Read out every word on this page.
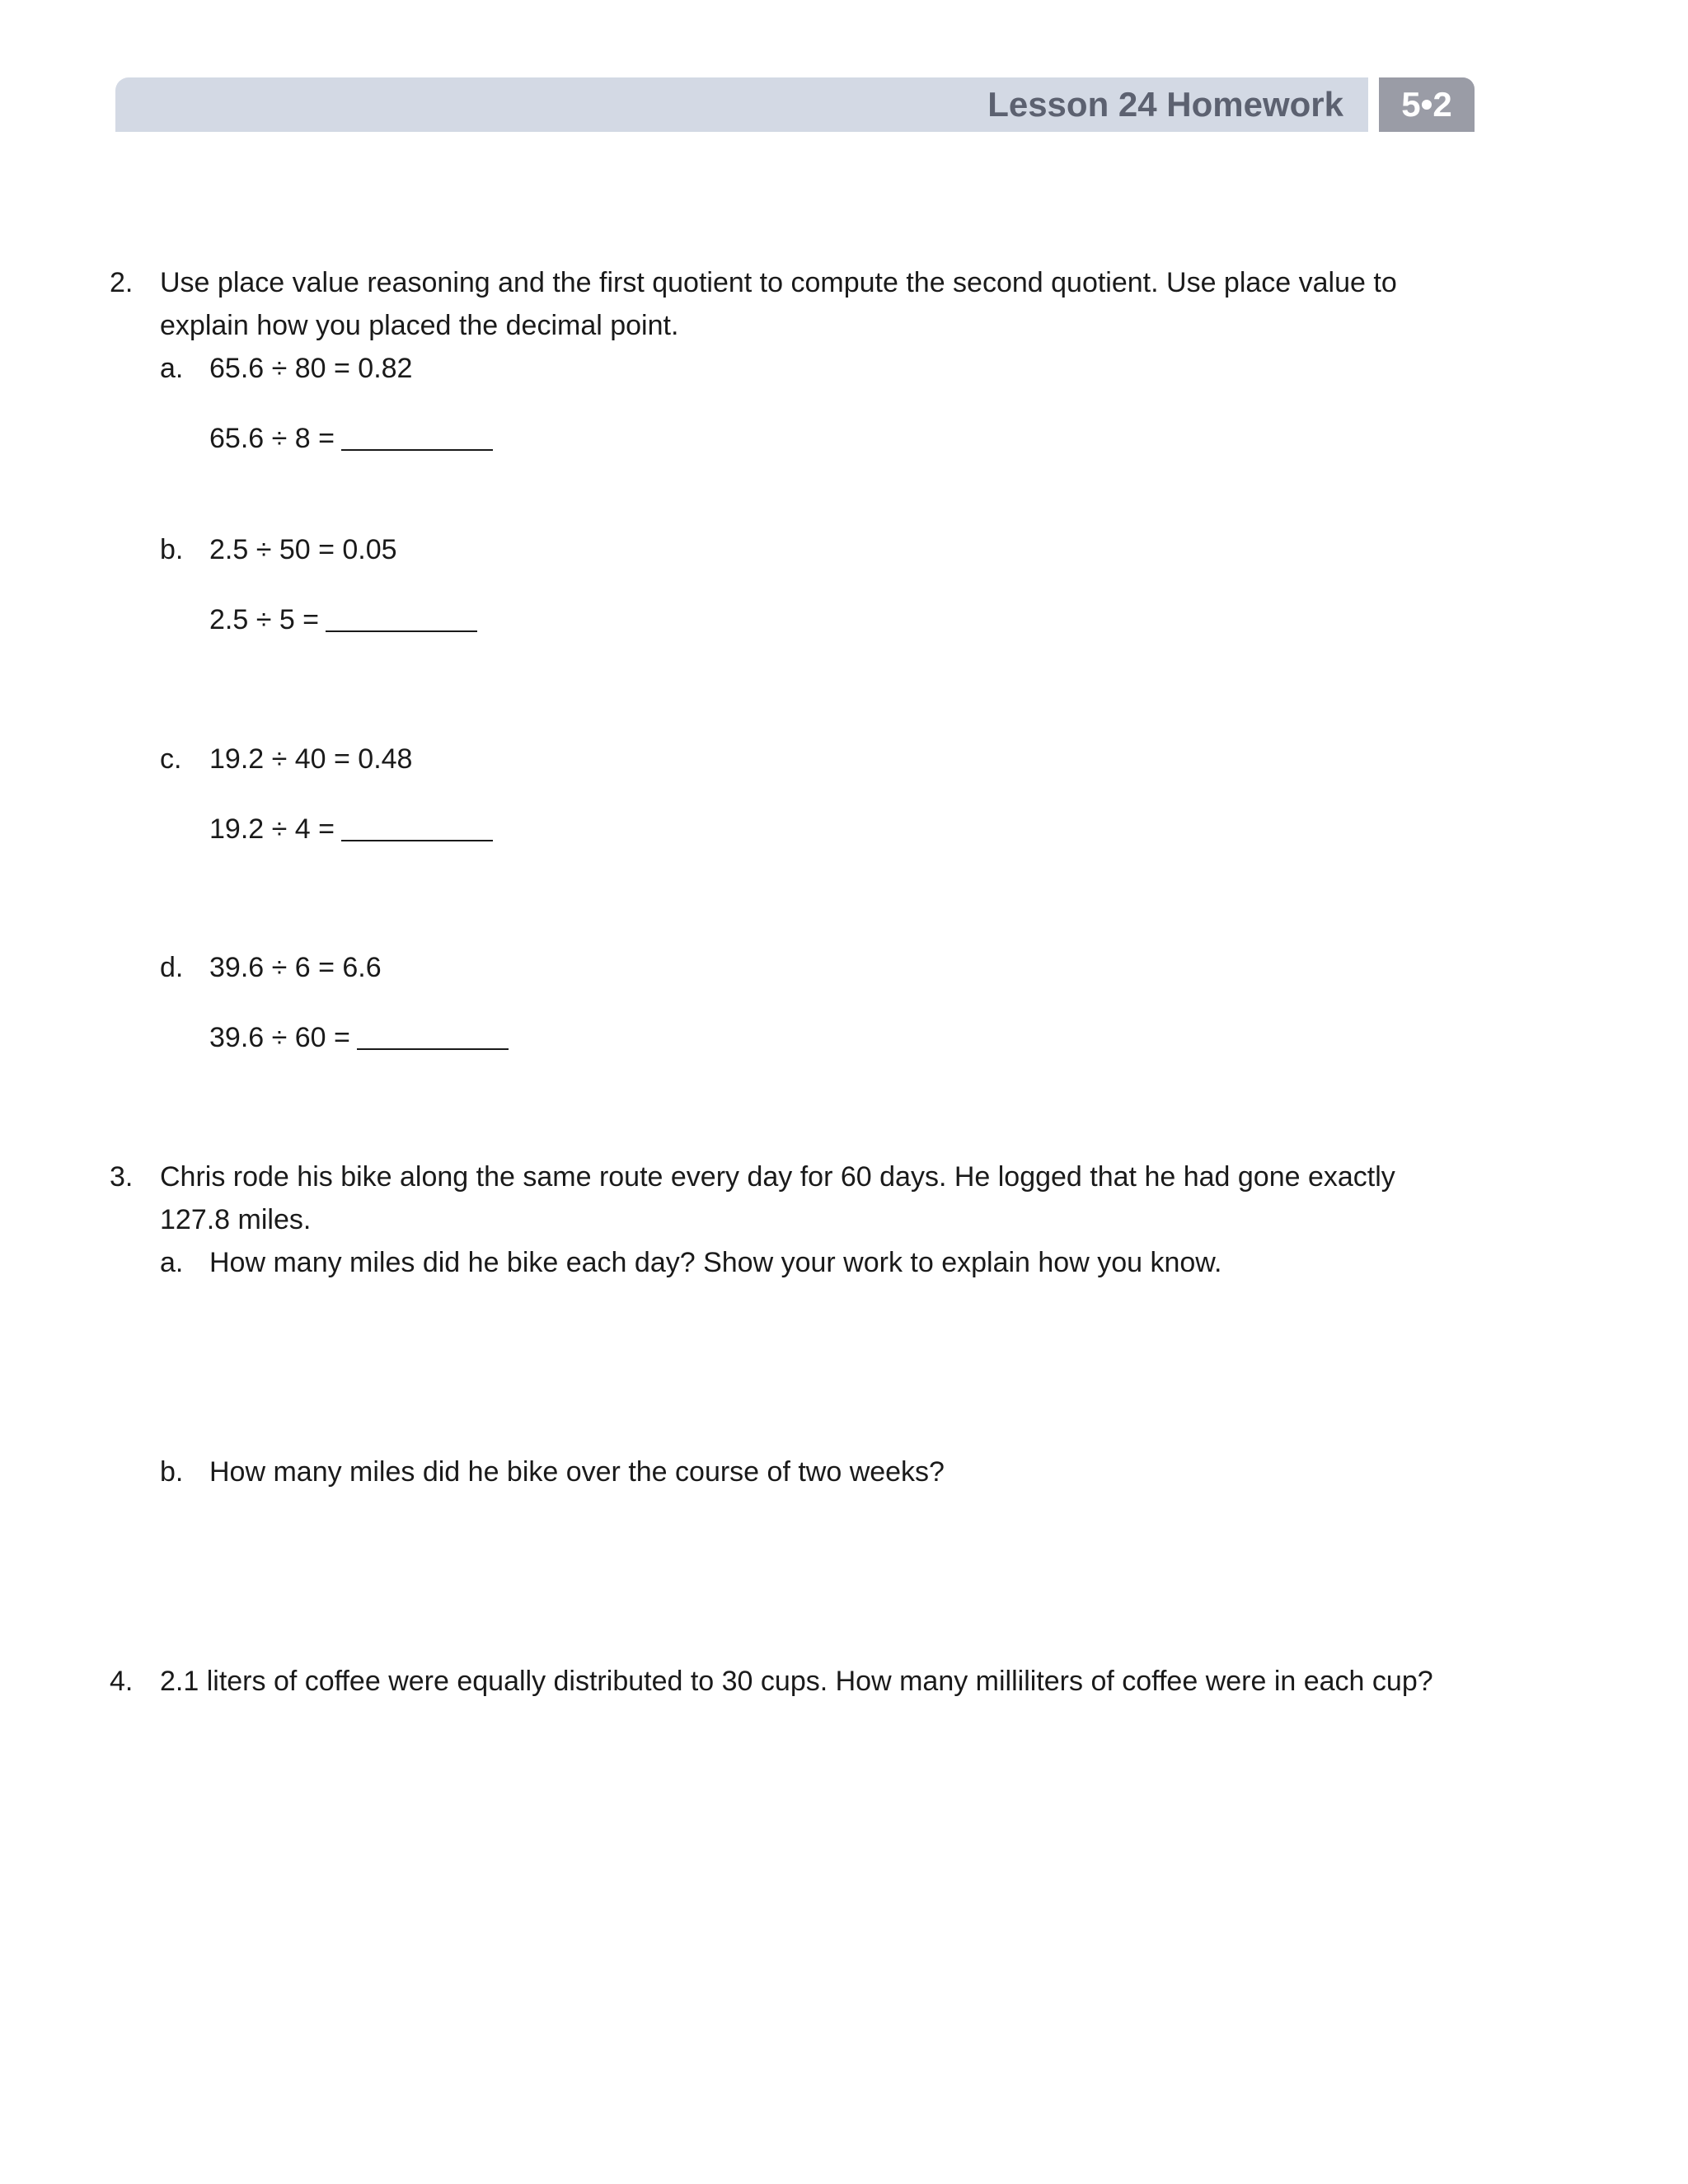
Lesson 24 Homework	5•2
2. Use place value reasoning and the first quotient to compute the second quotient. Use place value to
explain how you placed the decimal point.
a. 65.6 ÷ 80 = 0.82
65.6 ÷ 8 =
b. 2.5 ÷ 50 = 0.05
2.5 ÷ 5 =
c. 19.2 ÷ 40 = 0.48
19.2 ÷ 4 =
d. 39.6 ÷ 6 = 6.6
39.6 ÷ 60 =
3. Chris rode his bike along the same route every day for 60 days. He logged that he had gone exactly
127.8 miles.
a. How many miles did he bike each day? Show your work to explain how you know.
b. How many miles did he bike over the course of two weeks?
4. 2.1 liters of coffee were equally distributed to 30 cups. How many milliliters of coffee were in each cup?
